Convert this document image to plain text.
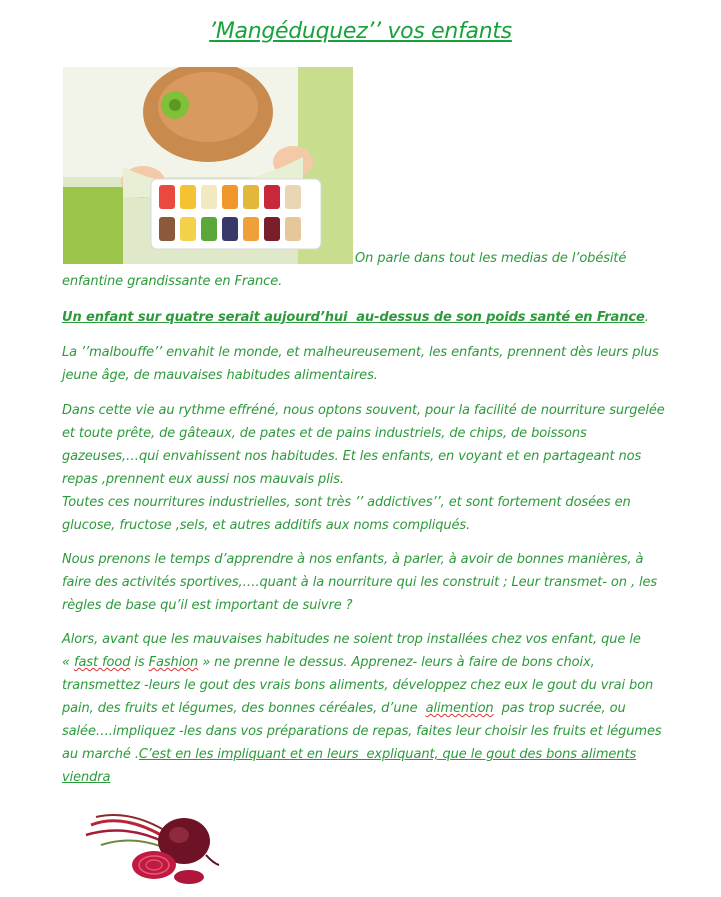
’Mangéduquez’’ vos enfants
On parle dans tout les medias de l’obésité
enfantine grandissante en France.
Un enfant sur quatre serait aujourd’hui  au-dessus de son poids santé en France.
La ’’malbouffe’’ envahit le monde, et malheureusement, les enfants, prennent dès leurs plus
jeune âge, de mauvaises habitudes alimentaires.
Dans cette vie au rythme effréné, nous optons souvent, pour la facilité de nourriture surgelée
et toute prête, de gâteaux, de pates et de pains industriels, de chips, de boissons
gazeuses,…qui envahissent nos habitudes. Et les enfants, en voyant et en partageant nos
repas ,prennent eux aussi nos mauvais plis.
Toutes ces nourritures industrielles, sont très ’’ addictives’’, et sont fortement dosées en
glucose, fructose ,sels, et autres additifs aux noms compliqués.
Nous prenons le temps d’apprendre à nos enfants, à parler, à avoir de bonnes manières, à
faire des activités sportives,….quant à la nourriture qui les construit ; Leur transmet- on , les
règles de base qu’il est important de suivre ?
Alors, avant que les mauvaises habitudes ne soient trop installées chez vos enfant, que le
« fast food is Fashion » ne prenne le dessus. Apprenez- leurs à faire de bons choix,
transmettez -leurs le gout des vrais bons aliments, développez chez eux le gout du vrai bon
pain, des fruits et légumes, des bonnes céréales, d’une  alimention  pas trop sucrée, ou
salée….impliquez -les dans vos préparations de repas, faites leur choisir les fruits et légumes
au marché .C’est en les impliquant et en leurs  expliquant, que le gout des bons aliments
viendra
